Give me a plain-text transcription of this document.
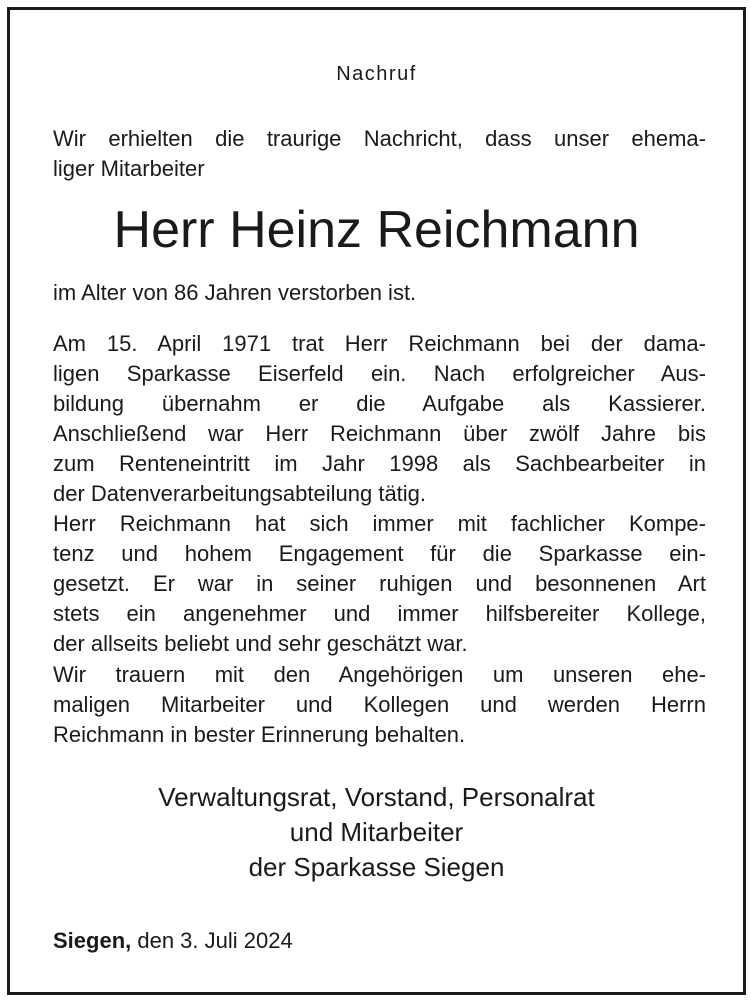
Nachruf
Wir erhielten die traurige Nachricht, dass unser ehema-
liger Mitarbeiter
Herr Heinz Reichmann
im Alter von 86 Jahren verstorben ist.
Am 15. April 1971 trat Herr Reichmann bei der dama-
ligen Sparkasse Eiserfeld ein. Nach erfolgreicher Aus-
bildung übernahm er die Aufgabe als Kassierer.
Anschließend war Herr Reichmann über zwölf Jahre bis
zum Renteneintritt im Jahr 1998 als Sachbearbeiter in
der Datenverarbeitungsabteilung tätig.
Herr Reichmann hat sich immer mit fachlicher Kompe-
tenz und hohem Engagement für die Sparkasse ein-
gesetzt. Er war in seiner ruhigen und besonnenen Art
stets ein angenehmer und immer hilfsbereiter Kollege,
der allseits beliebt und sehr geschätzt war.
Wir trauern mit den Angehörigen um unseren ehe-
maligen Mitarbeiter und Kollegen und werden Herrn
Reichmann in bester Erinnerung behalten.
Verwaltungsrat, Vorstand, Personalrat
und Mitarbeiter
der Sparkasse Siegen
Siegen, den 3. Juli 2024
